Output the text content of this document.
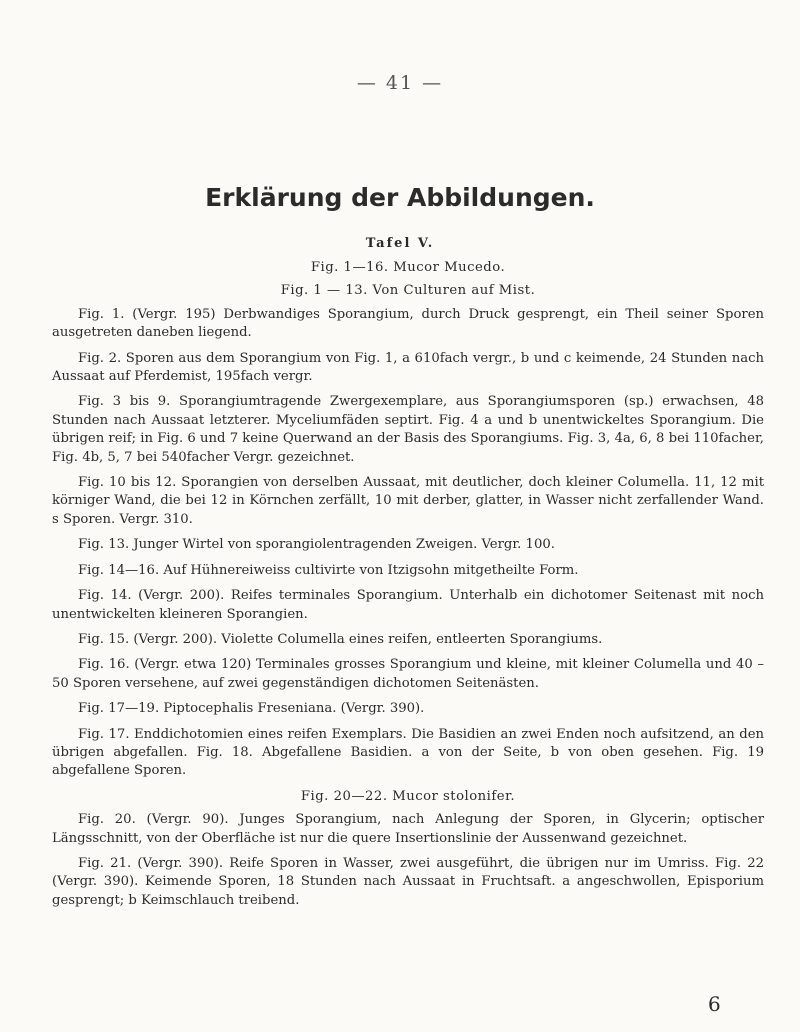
— 41 —
Erklärung der Abbildungen.
Tafel V.
Fig. 1—16. Mucor Mucedo.
Fig. 1 — 13. Von Culturen auf Mist.
Fig. 1. (Vergr. 195) Derbwandiges Sporangium, durch Druck gesprengt, ein Theil seiner Sporen ausgetreten daneben liegend.
Fig. 2. Sporen aus dem Sporangium von Fig. 1, a 610fach vergr., b und c keimende, 24 Stunden nach Aussaat auf Pferdemist, 195fach vergr.
Fig. 3 bis 9. Sporangiumtragende Zwergexemplare, aus Sporangiumsporen (sp.) erwachsen, 48 Stunden nach Aussaat letzterer. Myceliumfäden septirt. Fig. 4 a und b unentwickeltes Sporangium. Die übrigen reif; in Fig. 6 und 7 keine Querwand an der Basis des Sporangiums. Fig. 3, 4a, 6, 8 bei 110facher, Fig. 4b, 5, 7 bei 540facher Vergr. gezeichnet.
Fig. 10 bis 12. Sporangien von derselben Aussaat, mit deutlicher, doch kleiner Columella. 11, 12 mit körniger Wand, die bei 12 in Körnchen zerfällt, 10 mit derber, glatter, in Wasser nicht zerfallender Wand. s Sporen. Vergr. 310.
Fig. 13. Junger Wirtel von sporangiolentragenden Zweigen. Vergr. 100.
Fig. 14—16. Auf Hühnereiweiss cultivirte von Itzigsohn mitgetheilte Form.
Fig. 14. (Vergr. 200). Reifes terminales Sporangium. Unterhalb ein dichotomer Seitenast mit noch unentwickelten kleineren Sporangien.
Fig. 15. (Vergr. 200). Violette Columella eines reifen, entleerten Sporangiums.
Fig. 16. (Vergr. etwa 120) Terminales grosses Sporangium und kleine, mit kleiner Columella und 40 – 50 Sporen versehene, auf zwei gegenständigen dichotomen Seitenästen.
Fig. 17—19. Piptocephalis Freseniana. (Vergr. 390).
Fig. 17. Enddichotomien eines reifen Exemplars. Die Basidien an zwei Enden noch aufsitzend, an den übrigen abgefallen. Fig. 18. Abgefallene Basidien. a von der Seite, b von oben gesehen. Fig. 19 abgefallene Sporen.
Fig. 20—22. Mucor stolonifer.
Fig. 20. (Vergr. 90). Junges Sporangium, nach Anlegung der Sporen, in Glycerin; optischer Längsschnitt, von der Oberfläche ist nur die quere Insertionslinie der Aussenwand gezeichnet.
Fig. 21. (Vergr. 390). Reife Sporen in Wasser, zwei ausgeführt, die übrigen nur im Umriss. Fig. 22 (Vergr. 390). Keimende Sporen, 18 Stunden nach Aussaat in Fruchtsaft. a angeschwollen, Episporium gesprengt; b Keimschlauch treibend.
6
